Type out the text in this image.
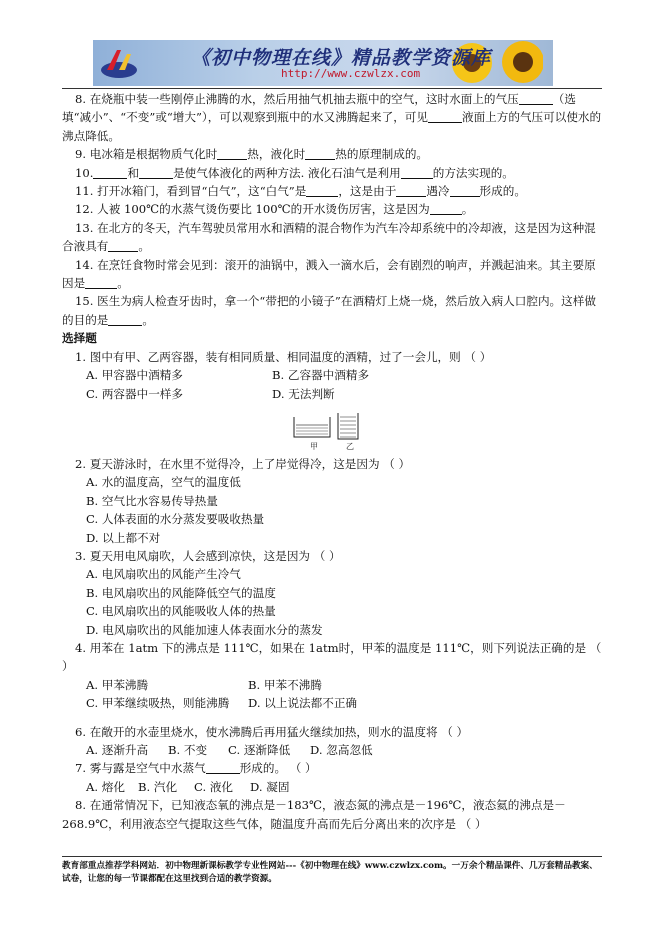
《初中物理在线》精品教学资源库
http://www.czwlzx.com

8. 在烧瓶中装一些刚停止沸腾的水，然后用抽气机抽去瓶中的空气，这时水面上的气压	（选填“减小”、“不变”或“增大”），可以观察到瓶中的水又沸腾起来了，可见	液面上方的气压可以使水的沸点降低。

9. 电冰箱是根据物质气化时	热，液化时	热的原理制成的。

10.	和	是使气体液化的两种方法. 液化石油气是利用	的方法实现的。

11. 打开冰箱门，看到冒“白气”，这“白气”是	，这是由于	遇冷	形成的。

12. 人被 100℃的水蒸气烫伤要比 100℃的开水烫伤厉害，这是因为	。

13. 在北方的冬天，汽车驾驶员常用水和酒精的混合物作为汽车冷却系统中的冷却液，这是因为这种混合液具有	。

14. 在烹饪食物时常会见到：滚开的油锅中，溅入一滴水后，会有剧烈的响声，并溅起油来。其主要原因是	。

15. 医生为病人检查牙齿时，拿一个“带把的小镜子”在酒精灯上烧一烧，然后放入病人口腔内。这样做的目的是	。

选择题

1. 图中有甲、乙两容器，装有相同质量、相同温度的酒精，过了一会儿，则 （ ）

A. 甲容器中酒精多	B. 乙容器中酒精多
C. 两容器中一样多	D. 无法判断
甲	乙

2. 夏天游泳时，在水里不觉得冷，上了岸觉得冷，这是因为 （ ）

A. 水的温度高，空气的温度低

B. 空气比水容易传导热量

C. 人体表面的水分蒸发要吸收热量

D. 以上都不对

3. 夏天用电风扇吹，人会感到凉快，这是因为 （ ）

A. 电风扇吹出的风能产生冷气

B. 电风扇吹出的风能降低空气的温度

C. 电风扇吹出的风能吸收人体的热量

D. 电风扇吹出的风能加速人体表面水分的蒸发

4. 用苯在 1atm 下的沸点是 111℃，如果在 1atm时，甲苯的温度是 111℃，则下列说法正确的是 （ ）

A. 甲苯沸腾	B. 甲苯不沸腾
C. 甲苯继续吸热，则能沸腾	D. 以上说法都不正确

6. 在敞开的水壶里烧水，使水沸腾后再用猛火继续加热，则水的温度将 （ ）

A. 逐渐升高	B. 不变	C. 逐渐降低	D. 忽高忽低

7. 雾与露是空气中水蒸气	形成的。 （ ）

A. 熔化	B. 汽化	C. 液化	D. 凝固

8. 在通常情况下，已知液态氧的沸点是－183℃，液态氮的沸点是－196℃，液态氦的沸点是－268.9℃，利用液态空气提取这些气体，随温度升高而先后分离出来的次序是 （ ）

教育部重点推荐学科网站．初中物理新课标教学专业性网站---《初中物理在线》www.czwlzx.com。一万余个精品课件、几万套精品教案、试卷，让您的每一节课都配在这里找到合适的教学资源。
